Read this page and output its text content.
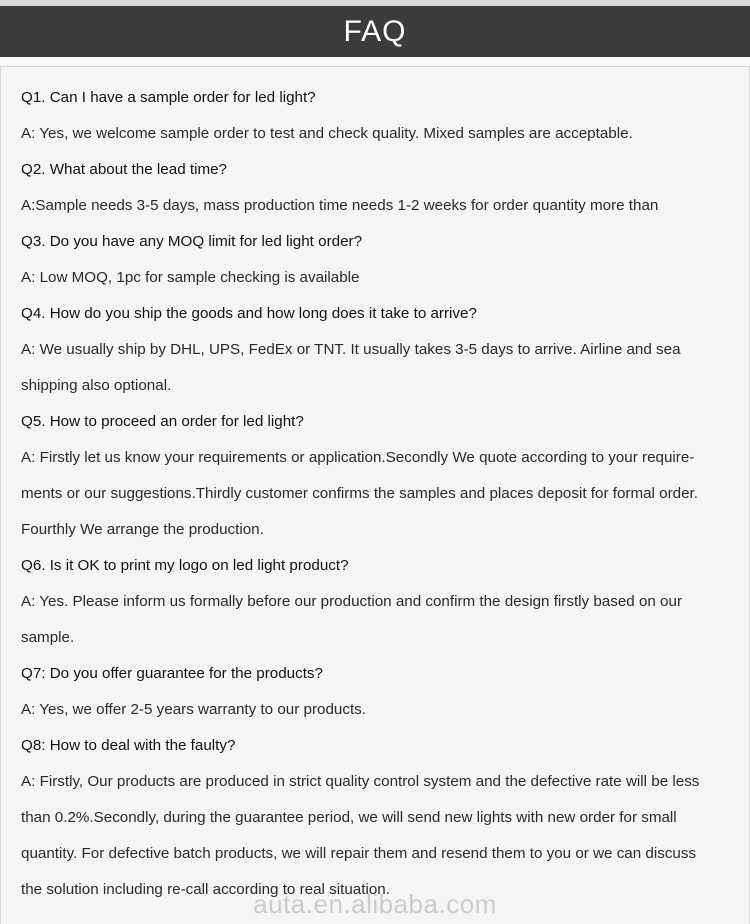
FAQ
Q1. Can I have a sample order for led light?
A: Yes, we welcome sample order to test and check quality. Mixed samples are acceptable.
Q2. What about the lead time?
A:Sample needs 3-5 days, mass production time needs 1-2 weeks for order quantity more than
Q3. Do you have any MOQ limit for led light order?
A: Low MOQ, 1pc for sample checking is available
Q4. How do you ship the goods and how long does it take to arrive?
A: We usually ship by DHL, UPS, FedEx or TNT. It usually takes 3-5 days to arrive. Airline and sea
shipping also optional.
Q5. How to proceed an order for led light?
A: Firstly let us know your requirements or application.Secondly We quote according to your require-
ments or our suggestions.Thirdly customer confirms the samples and places deposit for formal order.
Fourthly We arrange the production.
Q6. Is it OK to print my logo on led light product?
A: Yes. Please inform us formally before our production and confirm the design firstly based on our
sample.
Q7: Do you offer guarantee for the products?
A: Yes, we offer 2-5 years warranty to our products.
Q8: How to deal with the faulty?
A: Firstly, Our products are produced in strict quality control system and the defective rate will be less
than 0.2%.Secondly, during the guarantee period, we will send new lights with new order for small
quantity. For defective batch products, we will repair them and resend them to you or we can discuss
the solution including re-call according to real situation.
auta.en.alibaba.com
